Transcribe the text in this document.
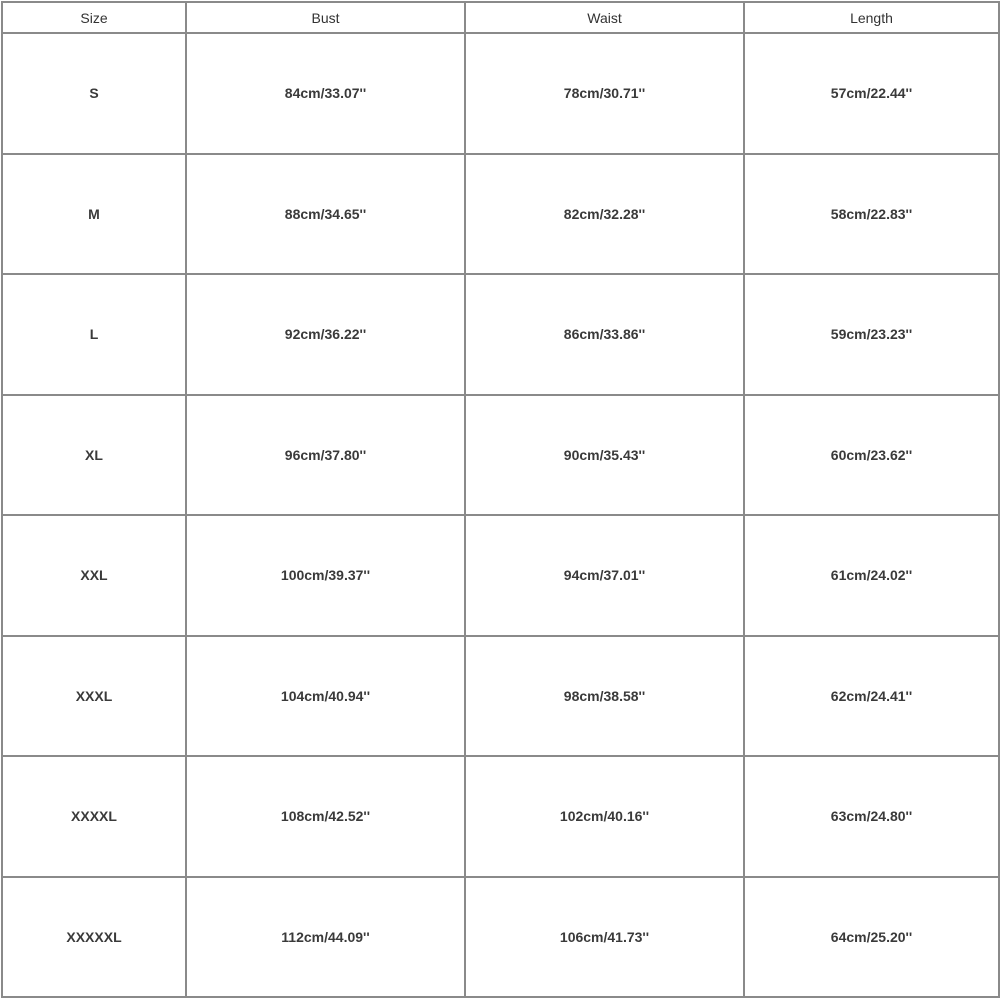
Size	Bust	Waist	Length
S	84cm/33.07''	78cm/30.71''	57cm/22.44''
M	88cm/34.65''	82cm/32.28''	58cm/22.83''
L	92cm/36.22''	86cm/33.86''	59cm/23.23''
XL	96cm/37.80''	90cm/35.43''	60cm/23.62''
XXL	100cm/39.37''	94cm/37.01''	61cm/24.02''
XXXL	104cm/40.94''	98cm/38.58''	62cm/24.41''
XXXXL	108cm/42.52''	102cm/40.16''	63cm/24.80''
XXXXXL	112cm/44.09''	106cm/41.73''	64cm/25.20''
